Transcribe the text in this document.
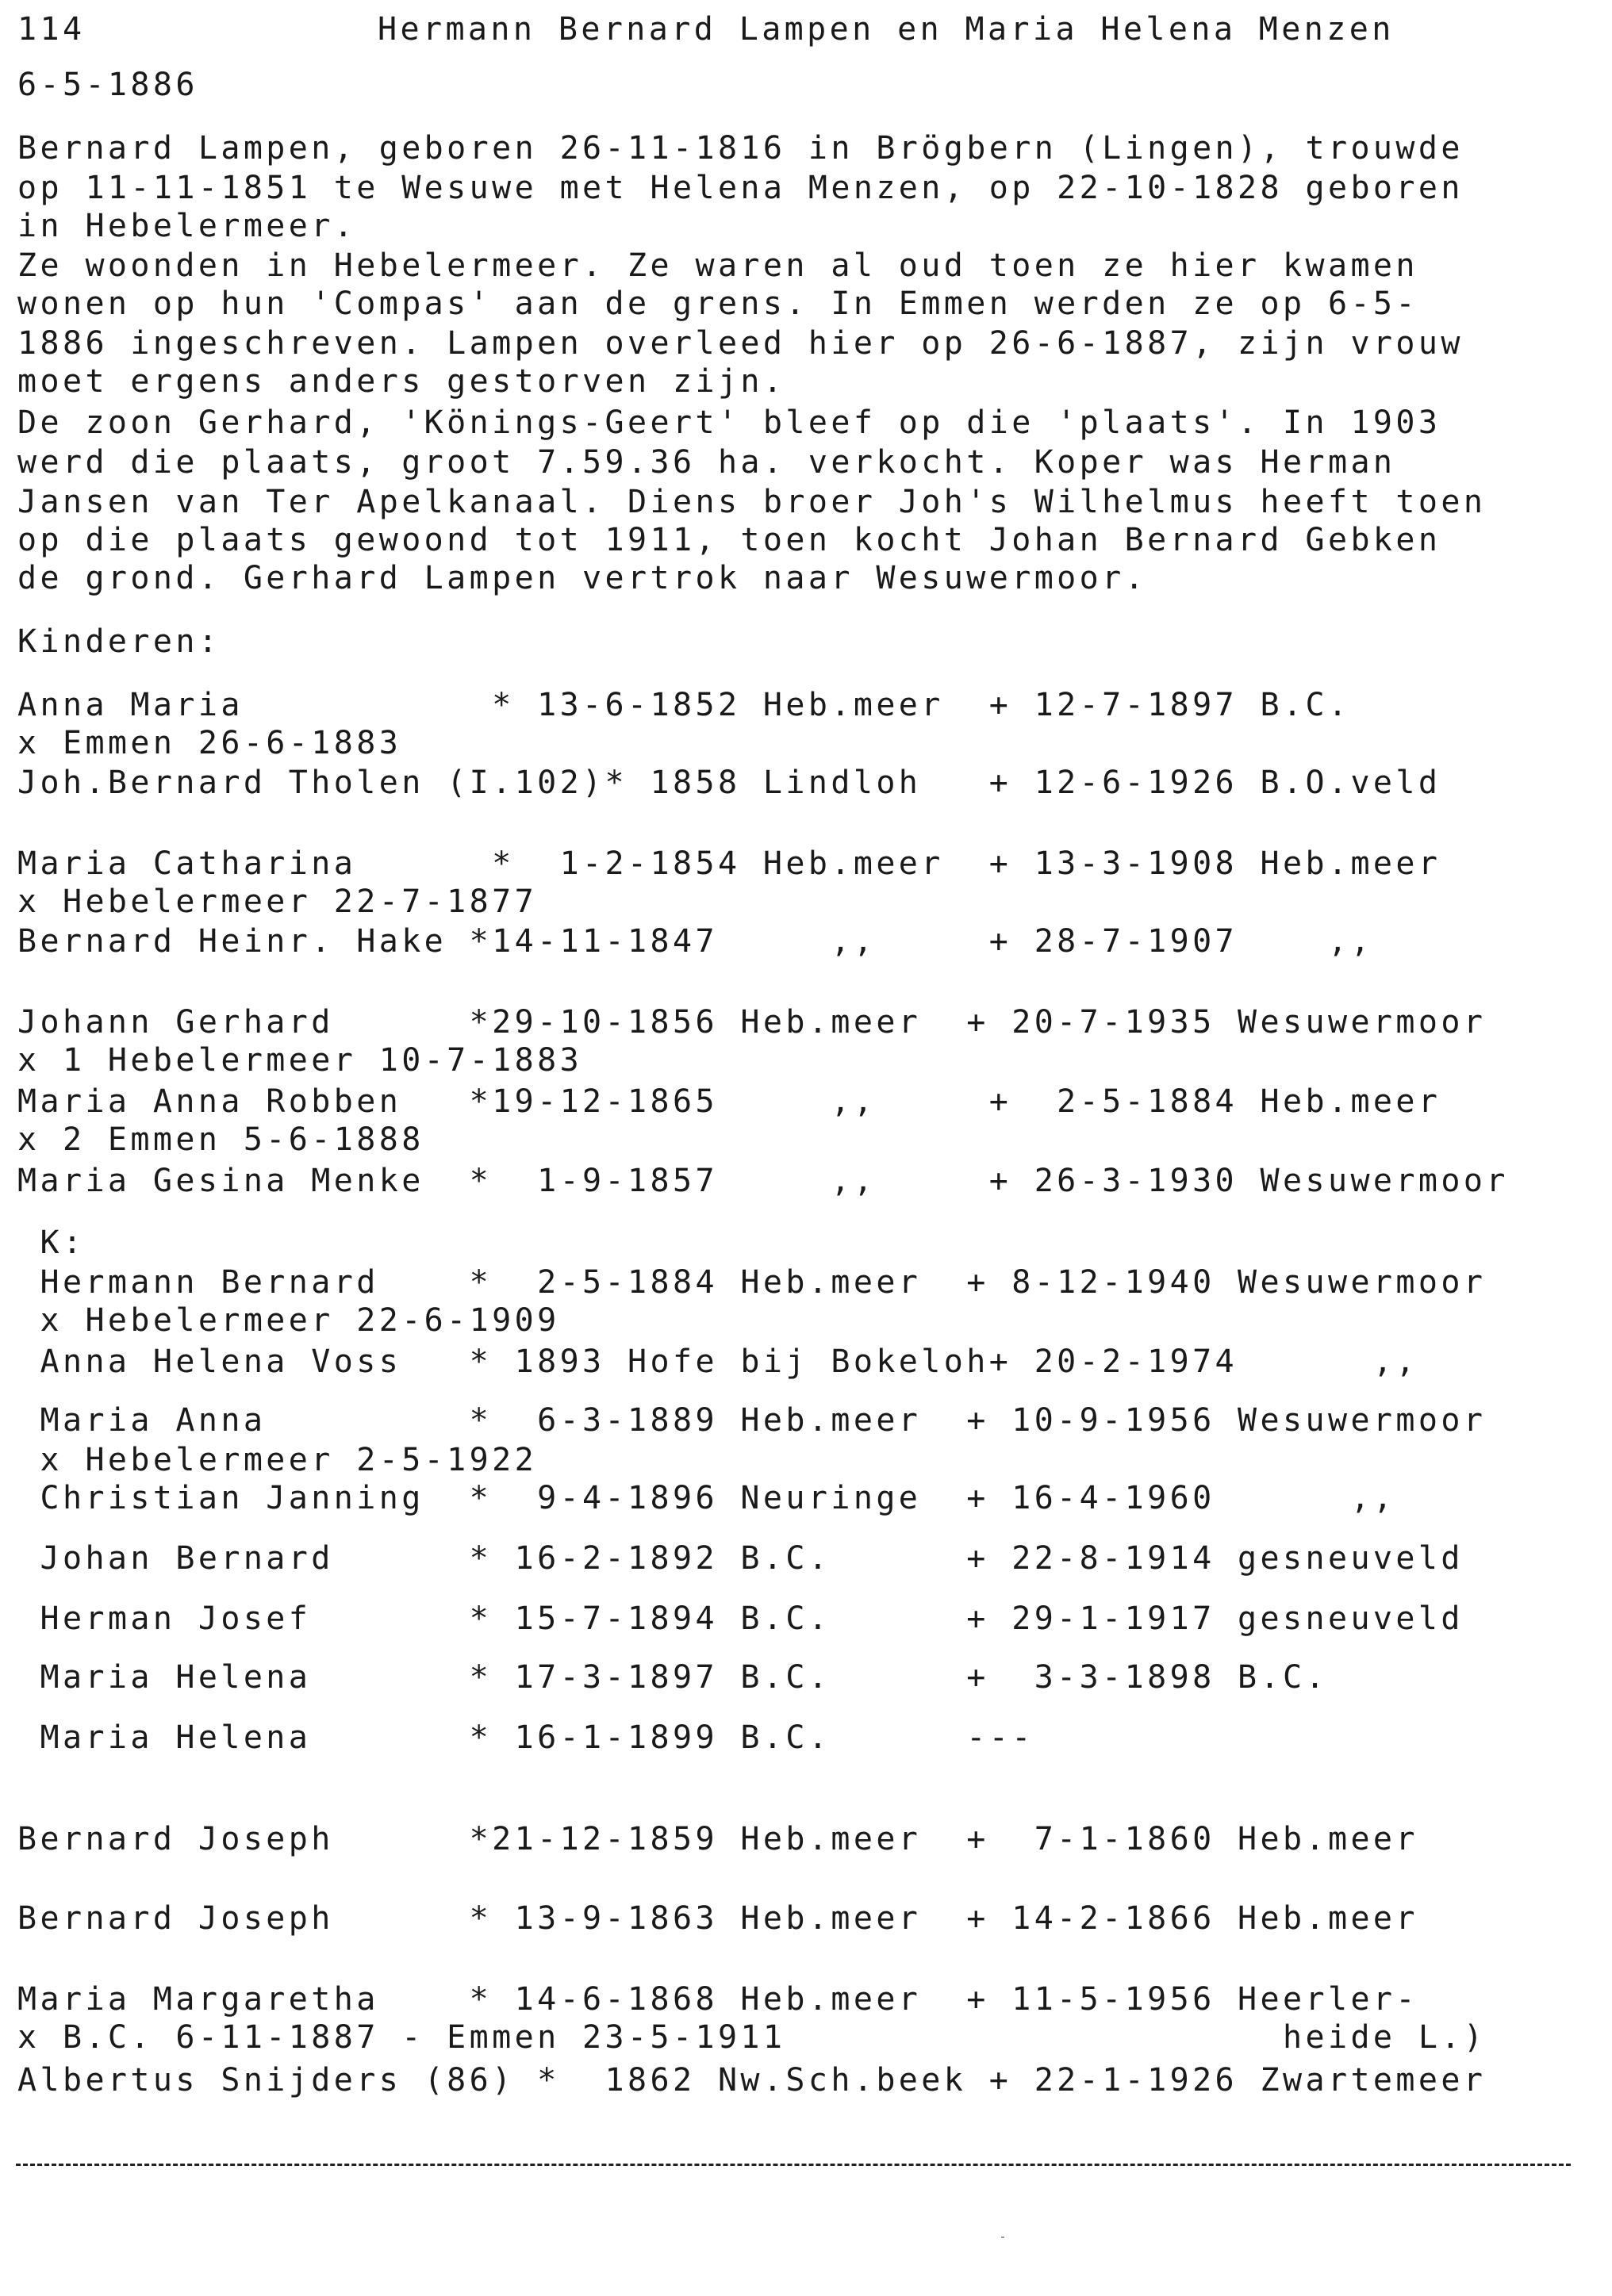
114	Hermann Bernard Lampen en Maria Helena Menzen
6-5-1886
Bernard Lampen, geboren 26-11-1816 in Brögbern (Lingen), trouwde
op 11-11-1851 te Wesuwe met Helena Menzen, op 22-10-1828 geboren
in Hebelermeer.
Ze woonden in Hebelermeer. Ze waren al oud toen ze hier kwamen
wonen op hun 'Compas' aan de grens. In Emmen werden ze op 6-5-
1886 ingeschreven. Lampen overleed hier op 26-6-1887, zijn vrouw
moet ergens anders gestorven zijn.
De zoon Gerhard, 'Könings-Geert' bleef op die 'plaats'. In 1903
werd die plaats, groot 7.59.36 ha. verkocht. Koper was Herman
Jansen van Ter Apelkanaal. Diens broer Joh's Wilhelmus heeft toen
op die plaats gewoond tot 1911, toen kocht Johan Bernard Gebken
de grond. Gerhard Lampen vertrok naar Wesuwermoor.
Kinderen:
Anna Maria           * 13-6-1852 Heb.meer  + 12-7-1897 B.C.
x Emmen 26-6-1883
Joh.Bernard Tholen (I.102)* 1858 Lindloh   + 12-6-1926 B.O.veld
Maria Catharina      *  1-2-1854 Heb.meer  + 13-3-1908 Heb.meer
x Hebelermeer 22-7-1877
Bernard Heinr. Hake *14-11-1847     ,,     + 28-7-1907    ,,
Johann Gerhard      *29-10-1856 Heb.meer  + 20-7-1935 Wesuwermoor
x 1 Hebelermeer 10-7-1883
Maria Anna Robben   *19-12-1865     ,,     +  2-5-1884 Heb.meer
x 2 Emmen 5-6-1888
Maria Gesina Menke  *  1-9-1857     ,,     + 26-3-1930 Wesuwermoor
K:
Hermann Bernard    *  2-5-1884 Heb.meer  + 8-12-1940 Wesuwermoor
x Hebelermeer 22-6-1909
Anna Helena Voss   * 1893 Hofe bij Bokeloh+ 20-2-1974      ,,
Maria Anna         *  6-3-1889 Heb.meer  + 10-9-1956 Wesuwermoor
x Hebelermeer 2-5-1922
Christian Janning  *  9-4-1896 Neuringe  + 16-4-1960      ,,
Johan Bernard      * 16-2-1892 B.C.      + 22-8-1914 gesneuveld
Herman Josef       * 15-7-1894 B.C.      + 29-1-1917 gesneuveld
Maria Helena       * 17-3-1897 B.C.      +  3-3-1898 B.C.
Maria Helena       * 16-1-1899 B.C.      ---
Bernard Joseph      *21-12-1859 Heb.meer  +  7-1-1860 Heb.meer
Bernard Joseph      * 13-9-1863 Heb.meer  + 14-2-1866 Heb.meer
Maria Margaretha    * 14-6-1868 Heb.meer  + 11-5-1956 Heerler-
x B.C. 6-11-1887 - Emmen 23-5-1911                      heide L.)
Albertus Snijders (86) *  1862 Nw.Sch.beek + 22-1-1926 Zwartemeer
